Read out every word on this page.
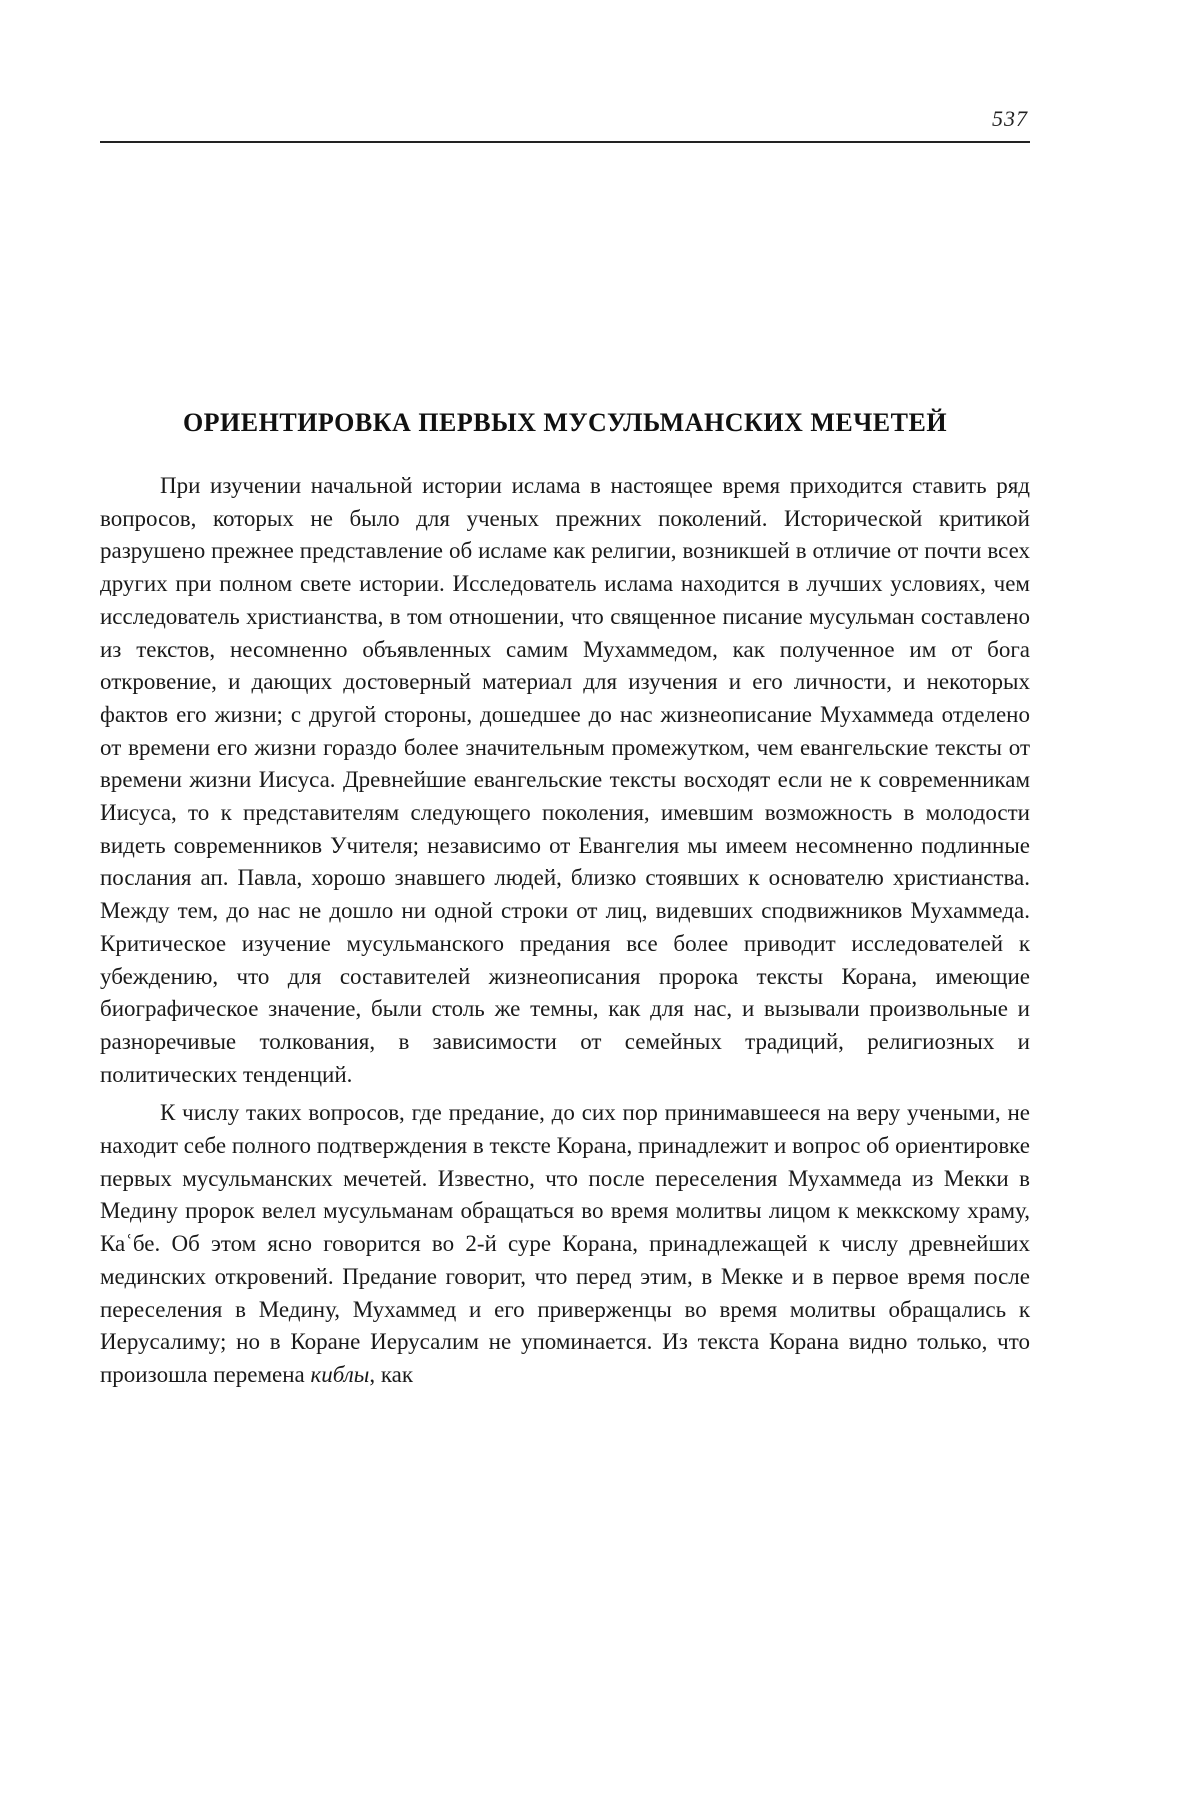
537
ОРИЕНТИРОВКА ПЕРВЫХ МУСУЛЬМАНСКИХ МЕЧЕТЕЙ

При изучении начальной истории ислама в настоящее время приходится ставить ряд вопросов, которых не было для ученых прежних поколений. Исторической критикой разрушено прежнее представление об исламе как религии, возникшей в отличие от почти всех других при полном свете истории. Исследователь ислама находится в лучших условиях, чем исследователь христианства, в том отношении, что священное писание мусульман составлено из текстов, несомненно объявленных самим Мухаммедом, как полученное им от бога откровение, и дающих достоверный материал для изучения и его личности, и некоторых фактов его жизни; с другой стороны, дошедшее до нас жизнеописание Мухаммеда отделено от времени его жизни гораздо более значительным промежутком, чем евангельские тексты от времени жизни Иисуса. Древнейшие евангельские тексты восходят если не к современникам Иисуса, то к представителям следующего поколения, имевшим возможность в молодости видеть современников Учителя; независимо от Евангелия мы имеем несомненно подлинные послания ап. Павла, хорошо знавшего людей, близко стоявших к основателю христианства. Между тем, до нас не дошло ни одной строки от лиц, видевших сподвижников Мухаммеда. Критическое изучение мусульманского предания все более приводит исследователей к убеждению, что для составителей жизнеописания пророка тексты Корана, имеющие биографическое значение, были столь же темны, как для нас, и вызывали произвольные и разноречивые толкования, в зависимости от семейных традиций, религиозных и политических тенденций.

К числу таких вопросов, где предание, до сих пор принимавшееся на веру учеными, не находит себе полного подтверждения в тексте Корана, принадлежит и вопрос об ориентировке первых мусульманских мечетей. Известно, что после переселения Мухаммеда из Мекки в Медину пророк велел мусульманам обращаться во время молитвы лицом к меккскому храму, Каʿбе. Об этом ясно говорится во 2-й суре Корана, принадлежащей к числу древнейших мединских откровений. Предание говорит, что перед этим, в Мекке и в первое время после переселения в Медину, Мухаммед и его приверженцы во время молитвы обращались к Иерусалиму; но в Коране Иерусалим не упоминается. Из текста Корана видно только, что произошла перемена киблы, как
